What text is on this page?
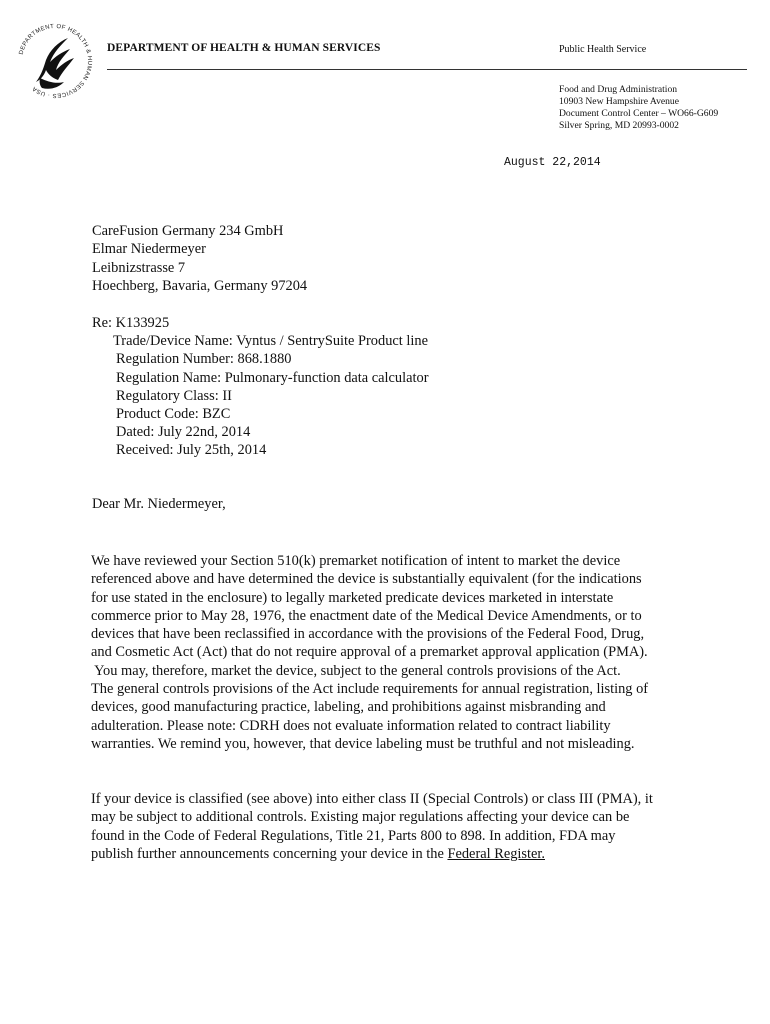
DEPARTMENT OF HEALTH & HUMAN SERVICES · USA
DEPARTMENT OF HEALTH & HUMAN SERVICES	Public Health Service
Food and Drug Administration
10903 New Hampshire Avenue
Document Control Center – WO66-G609
Silver Spring, MD 20993-0002
August 22,2014
CareFusion Germany 234 GmbH
Elmar Niedermeyer
Leibnizstrasse 7
Hoechberg, Bavaria, Germany 97204
Re: K133925
Trade/Device Name: Vyntus / SentrySuite Product line
Regulation Number: 868.1880
Regulation Name: Pulmonary-function data calculator
Regulatory Class: II
Product Code: BZC
Dated: July 22nd, 2014
Received: July 25th, 2014
Dear Mr. Niedermeyer,
We have reviewed your Section 510(k) premarket notification of intent to market the device
referenced above and have determined the device is substantially equivalent (for the indications
for use stated in the enclosure) to legally marketed predicate devices marketed in interstate
commerce prior to May 28, 1976, the enactment date of the Medical Device Amendments, or to
devices that have been reclassified in accordance with the provisions of the Federal Food, Drug,
and Cosmetic Act (Act) that do not require approval of a premarket approval application (PMA).
You may, therefore, market the device, subject to the general controls provisions of the Act.
The general controls provisions of the Act include requirements for annual registration, listing of
devices, good manufacturing practice, labeling, and prohibitions against misbranding and
adulteration. Please note: CDRH does not evaluate information related to contract liability
warranties. We remind you, however, that device labeling must be truthful and not misleading.
If your device is classified (see above) into either class II (Special Controls) or class III (PMA), it
may be subject to additional controls. Existing major regulations affecting your device can be
found in the Code of Federal Regulations, Title 21, Parts 800 to 898. In addition, FDA may
publish further announcements concerning your device in the Federal Register.
